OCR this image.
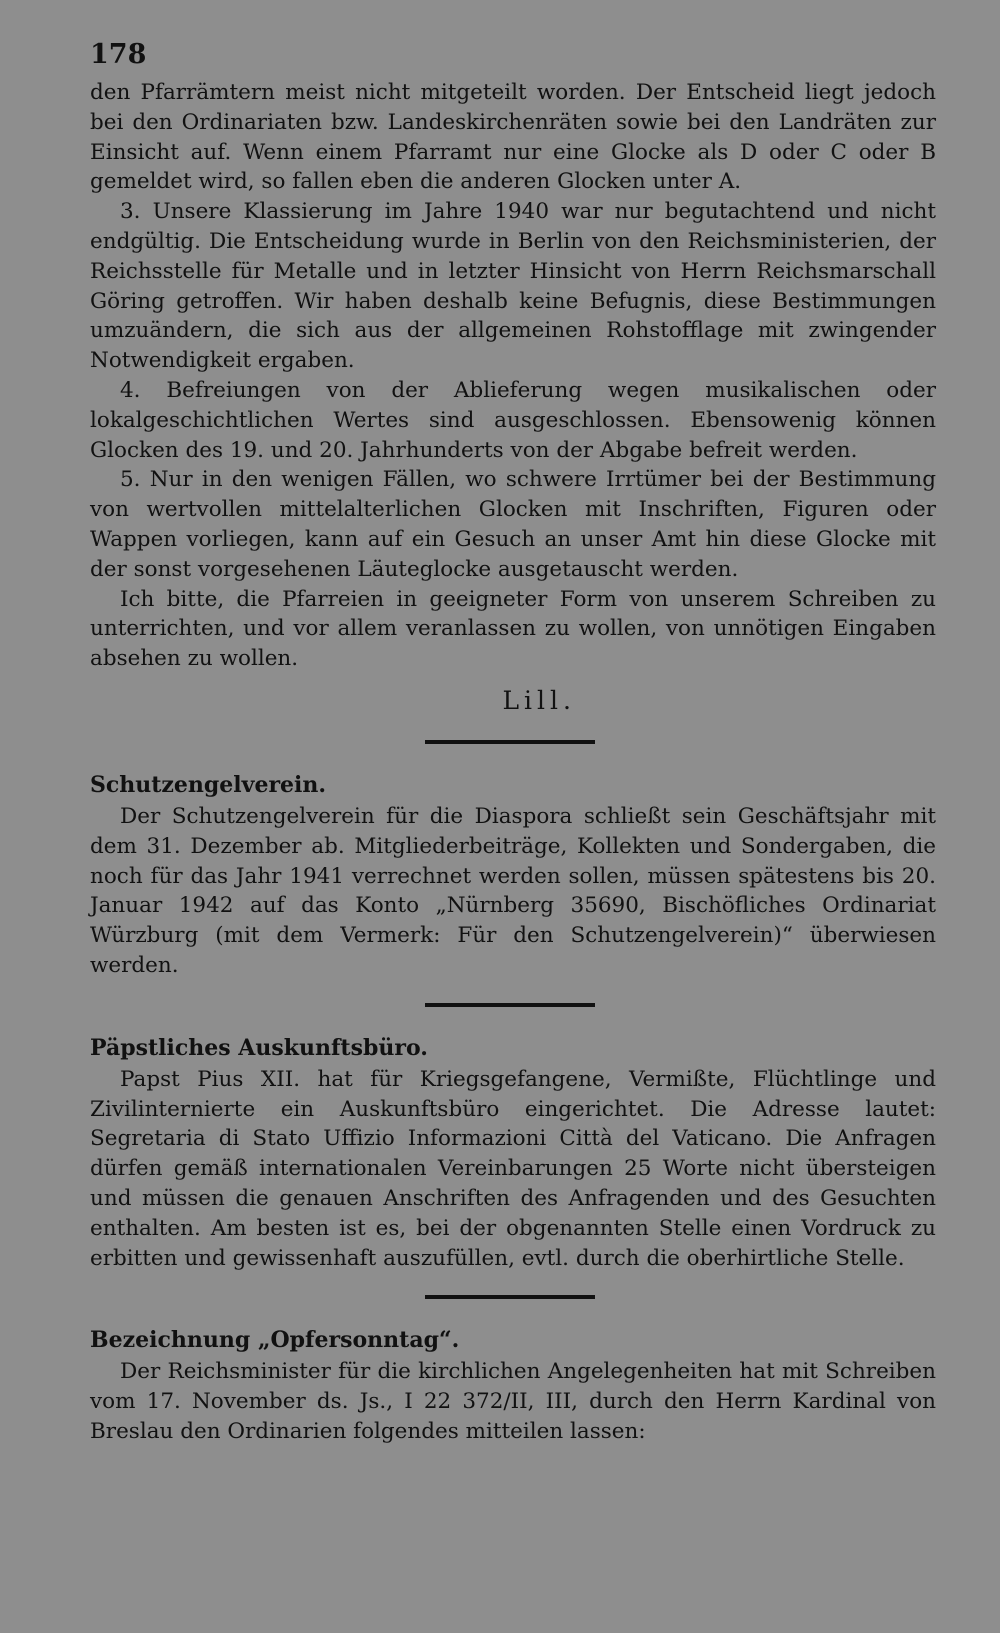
178

den Pfarrämtern meist nicht mitgeteilt worden. Der Entscheid liegt jedoch bei den Ordinariaten bzw. Landeskirchenräten sowie bei den Landräten zur Einsicht auf. Wenn einem Pfarramt nur eine Glocke als D oder C oder B gemeldet wird, so fallen eben die anderen Glocken unter A.

3. Unsere Klassierung im Jahre 1940 war nur begutachtend und nicht endgültig. Die Entscheidung wurde in Berlin von den Reichsministerien, der Reichsstelle für Metalle und in letzter Hinsicht von Herrn Reichsmarschall Göring getroffen. Wir haben deshalb keine Befugnis, diese Bestimmungen umzuändern, die sich aus der allgemeinen Rohstofflage mit zwingender Notwendigkeit ergaben.

4. Befreiungen von der Ablieferung wegen musikalischen oder lokalgeschichtlichen Wertes sind ausgeschlossen. Ebensowenig können Glocken des 19. und 20. Jahrhunderts von der Abgabe befreit werden.

5. Nur in den wenigen Fällen, wo schwere Irrtümer bei der Bestimmung von wertvollen mittelalterlichen Glocken mit Inschriften, Figuren oder Wappen vorliegen, kann auf ein Gesuch an unser Amt hin diese Glocke mit der sonst vorgesehenen Läuteglocke ausgetauscht werden.

Ich bitte, die Pfarreien in geeigneter Form von unserem Schreiben zu unterrichten, und vor allem veranlassen zu wollen, von unnötigen Eingaben absehen zu wollen.

Lill.
Schutzengelverein.

Der Schutzengelverein für die Diaspora schließt sein Geschäftsjahr mit dem 31. Dezember ab. Mitgliederbeiträge, Kollekten und Sondergaben, die noch für das Jahr 1941 verrechnet werden sollen, müssen spätestens bis 20. Januar 1942 auf das Konto „Nürnberg 35690, Bischöfliches Ordinariat Würzburg (mit dem Vermerk: Für den Schutzengelverein)“ überwiesen werden.

Päpstliches Auskunftsbüro.

Papst Pius XII. hat für Kriegsgefangene, Vermißte, Flüchtlinge und Zivilinternierte ein Auskunftsbüro eingerichtet. Die Adresse lautet: Segretaria di Stato Uffizio Informazioni Città del Vaticano. Die Anfragen dürfen gemäß internationalen Vereinbarungen 25 Worte nicht übersteigen und müssen die genauen Anschriften des Anfragenden und des Gesuchten enthalten. Am besten ist es, bei der obgenannten Stelle einen Vordruck zu erbitten und gewissenhaft auszufüllen, evtl. durch die oberhirtliche Stelle.

Bezeichnung „Opfersonntag“.

Der Reichsminister für die kirchlichen Angelegenheiten hat mit Schreiben vom 17. November ds. Js., I 22 372/II, III, durch den Herrn Kardinal von Breslau den Ordinarien folgendes mitteilen lassen:
